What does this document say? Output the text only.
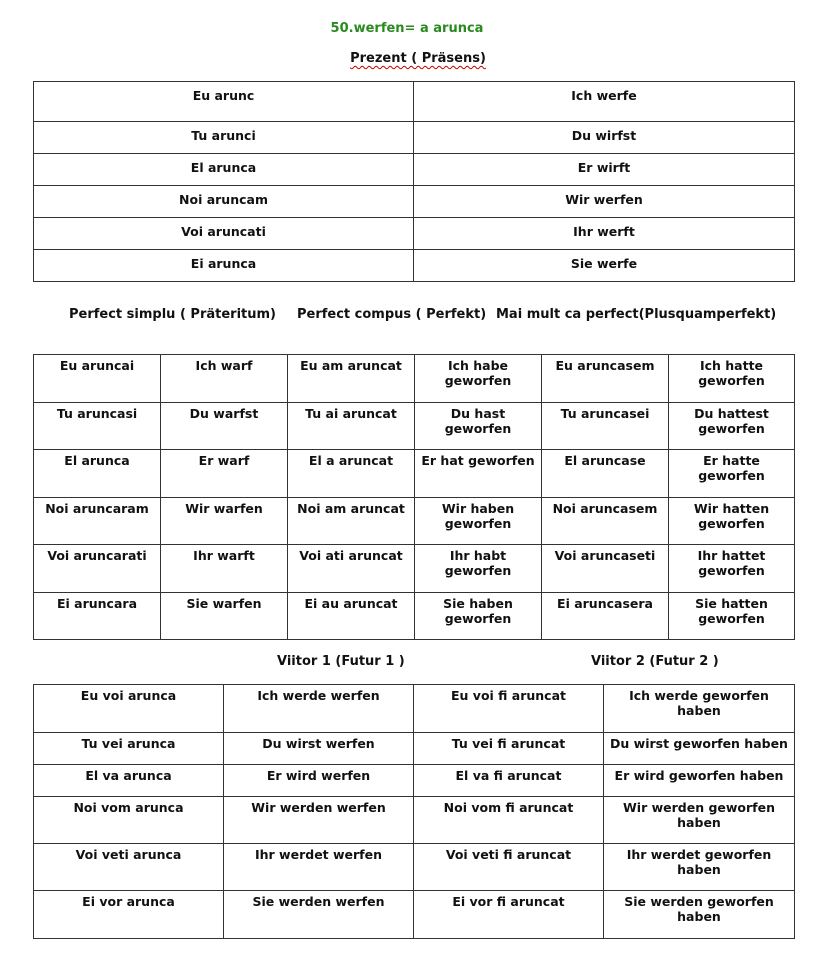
50.werfen= a arunca
Prezent ( Präsens)
Eu arunc	Ich werfe
Tu arunci	Du wirfst
El arunca	Er wirft
Noi aruncam	Wir werfen
Voi aruncati	Ihr werft
Ei arunca	Sie werfe
Perfect simplu ( Präteritum) Perfect compus ( Perfekt) Mai mult ca perfect(Plusquamperfekt)
Eu aruncai	Ich warf	Eu am aruncat	Ich habe geworfen	Eu aruncasem	Ich hatte geworfen
Tu aruncasi	Du warfst	Tu ai aruncat	Du hast geworfen	Tu aruncasei	Du hattest geworfen
El arunca	Er warf	El a aruncat	Er hat geworfen	El aruncase	Er hatte geworfen
Noi aruncaram	Wir warfen	Noi am aruncat	Wir haben geworfen	Noi aruncasem	Wir hatten geworfen
Voi aruncarati	Ihr warft	Voi ati aruncat	Ihr habt geworfen	Voi aruncaseti	Ihr hattet geworfen
Ei aruncara	Sie warfen	Ei au aruncat	Sie haben geworfen	Ei aruncasera	Sie hatten geworfen
Viitor 1 (Futur 1 )	Viitor 2 (Futur 2 )
Eu voi arunca	Ich werde werfen	Eu voi fi aruncat	Ich werde geworfen haben
Tu vei arunca	Du wirst werfen	Tu vei fi aruncat	Du wirst geworfen haben
El va arunca	Er wird werfen	El va fi aruncat	Er wird geworfen haben
Noi vom arunca	Wir werden werfen	Noi vom fi aruncat	Wir werden geworfen haben
Voi veti arunca	Ihr werdet werfen	Voi veti fi aruncat	Ihr werdet geworfen haben
Ei vor arunca	Sie werden werfen	Ei vor fi aruncat	Sie werden geworfen haben
